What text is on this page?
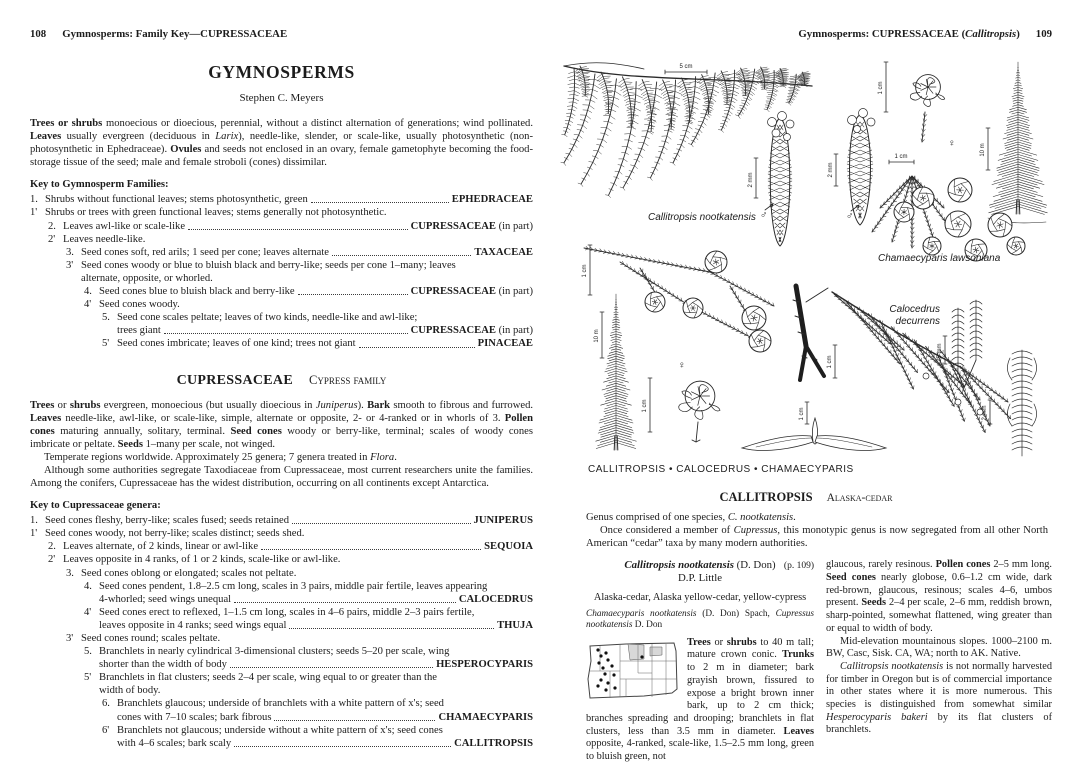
108 Gymnosperms: Family Key—CUPRESSACEAE
GYMNOSPERMS
Stephen C. Meyers

Trees or shrubs monoecious or dioecious, perennial, without a distinct alternation of generations; wind pollinated. Leaves usually evergreen (deciduous in Larix), needle-like, slender, or scale-like, usually photosynthetic (non-photosynthetic in Ephedraceae). Ovules and seeds not enclosed in an ovary, female gametophyte becoming the food-storage tissue of the seed; male and female stroboli (cones) dissimilar.

Key to Gymnosperm Families:
1. Shrubs without functional leaves; stems photosynthetic, green	EPHEDRACEAE
1' Shrubs or trees with green functional leaves; stems generally not photosynthetic.
2. Leaves awl-like or scale-like	CUPRESSACEAE (in part)
2' Leaves needle-like.
3. Seed cones soft, red arils; 1 seed per cone; leaves alternate	TAXACEAE
3' Seed cones woody or blue to bluish black and berry-like; seeds per cone 1–many; leaves
alternate, opposite, or whorled.
4. Seed cones blue to bluish black and berry-like	CUPRESSACEAE (in part)
4' Seed cones woody.
5. Seed cone scales peltate; leaves of two kinds, needle-like and awl-like;
trees giant	CUPRESSACEAE (in part)
5' Seed cones imbricate; leaves of one kind; trees not giant	PINACEAE
CUPRESSACEAE Cypress family

Trees or shrubs evergreen, monoecious (but usually dioecious in Juniperus). Bark smooth to fibrous and furrowed. Leaves needle-like, awl-like, or scale-like, simple, alternate or opposite, 2- or 4-ranked or in whorls of 3. Pollen cones maturing annually, solitary, terminal. Seed cones woody or berry-like, terminal; scales of woody cones imbricate or peltate. Seeds 1–many per scale, not winged.

Temperate regions worldwide. Approximately 25 genera; 7 genera treated in Flora.

Although some authorities segregate Taxodiaceae from Cupressaceae, most current researchers unite the families. Among the conifers, Cupressaceae has the widest distribution, occurring on all continents except Antarctica.

Key to Cupressaceae genera:
1. Seed cones fleshy, berry-like; scales fused; seeds retained	JUNIPERUS
1' Seed cones woody, not berry-like; scales distinct; seeds shed.
2. Leaves alternate, of 2 kinds, linear or awl-like	SEQUOIA
2' Leaves opposite in 4 ranks, of 1 or 2 kinds, scale-like or awl-like.
3. Seed cones oblong or elongated; scales not peltate.
4. Seed cones pendent, 1.8–2.5 cm long, scales in 3 pairs, middle pair fertile, leaves appearing
4-whorled; seed wings unequal	CALOCEDRUS
4' Seed cones erect to reflexed, 1–1.5 cm long, scales in 4–6 pairs, middle 2–3 pairs fertile,
leaves opposite in 4 ranks; seed wings equal	THUJA
3' Seed cones round; scales peltate.
5. Branchlets in nearly cylindrical 3-dimensional clusters; seeds 5–20 per scale, wing
shorter than the width of body	HESPEROCYPARIS
5' Branchlets in flat clusters; seeds 2–4 per scale, wing equal to or greater than the
width of body.
6. Branchlets glaucous; underside of branchlets with a white pattern of x's; seed
cones with 7–10 scales; bark fibrous	CHAMAECYPARIS
6' Branchlets not glaucous; underside without a white pattern of x's; seed cones
with 4–6 scales; bark scaly	CALLITROPSIS
Gymnosperms: CUPRESSACEAE (Callitropsis) 109
5 cm
2 mm
2 mm
1 cm
1 cm
10 m
1 cm
10 m
1 cm
1 cm
1 cm
5 mm
2 mm
Callitropsis nootkatensis
Chamaecyparis lawsoniana
Calocedrus
decurrens
♂	♂
♀
♀
CALLITROPSIS • CALOCEDRUS • CHAMAECYPARIS
CALLITROPSIS Alaska-cedar

Genus comprised of one species, C. nootkatensis.

Once considered a member of Cupressus, this monotypic genus is now segregated from all other North American “cedar” taxa by many modern authorities.

Callitropsis nootkatensis (D. Don) (p. 109)

D.P. Little
Alaska-cedar, Alaska yellow-cedar, yellow-cypress

Chamaecyparis nootkatensis (D. Don) Spach, Cupressus nootkatensis D. Don

Trees or shrubs to 40 m tall; mature crown conic. Trunks to 2 m in diameter; bark grayish brown, fissured to expose a bright brown inner bark, up to 2 cm thick; branches spreading and drooping; branchlets in flat clusters, less than 3.5 mm in diameter. Leaves opposite, 4-ranked, scale-like, 1.5–2.5 mm long, green to bluish green, not

glaucous, rarely resinous. Pollen cones 2–5 mm long. Seed cones nearly globose, 0.6–1.2 cm wide, dark red-brown, glaucous, resinous; scales 4–6, umbos present. Seeds 2–4 per scale, 2–6 mm, reddish brown, sharp-pointed, somewhat flattened, wing greater than or equal to width of body.

Mid-elevation mountainous slopes. 1000–2100 m. BW, Casc, Sisk. CA, WA; north to AK. Native.

Callitropsis nootkatensis is not normally harvested for timber in Oregon but is of commercial importance in other states where it is more numerous. This species is distinguished from somewhat similar Hesperocyparis bakeri by its flat clusters of branchlets.
